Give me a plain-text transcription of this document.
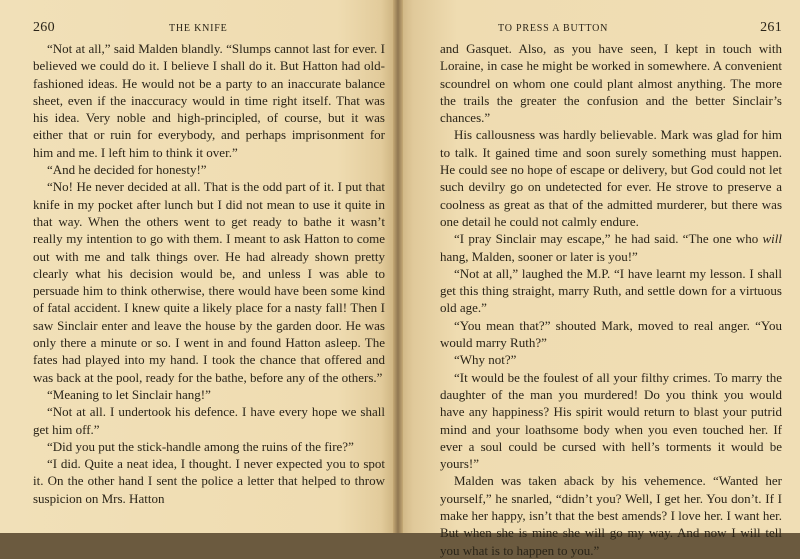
260	THE KNIFE

“Not at all,” said Malden blandly. “Slumps cannot last for ever. I believed we could do it. I believe I shall do it. But Hatton had old-fashioned ideas. He would not be a party to an inaccurate balance sheet, even if the inaccuracy would in time right itself. That was his idea. Very noble and high-principled, of course, but it was either that or ruin for everybody, and perhaps imprisonment for him and me. I left him to think it over.”

“And he decided for honesty!”

“No! He never decided at all. That is the odd part of it. I put that knife in my pocket after lunch but I did not mean to use it quite in that way. When the others went to get ready to bathe it wasn’t really my intention to go with them. I meant to ask Hatton to come out with me and talk things over. He had already shown pretty clearly what his decision would be, and unless I was able to persuade him to think otherwise, there would have been some kind of fatal accident. I knew quite a likely place for a nasty fall! Then I saw Sinclair enter and leave the house by the garden door. He was only there a minute or so. I went in and found Hatton asleep. The fates had played into my hand. I took the chance that offered and was back at the pool, ready for the bathe, before any of the others.”

“Meaning to let Sinclair hang!”

“Not at all. I undertook his defence. I have every hope we shall get him off.”

“Did you put the stick-handle among the ruins of the fire?”

“I did. Quite a neat idea, I thought. I never expected you to spot it. On the other hand I sent the police a letter that helped to throw suspicion on Mrs. Hatton

TO PRESS A BUTTON	261

and Gasquet. Also, as you have seen, I kept in touch with Loraine, in case he might be worked in somewhere. A convenient scoundrel on whom one could plant almost anything. The more the trails the greater the confusion and the better Sinclair’s chances.”

His callousness was hardly believable. Mark was glad for him to talk. It gained time and soon surely something must happen. He could see no hope of escape or delivery, but God could not let such devilry go on undetected for ever. He strove to preserve a coolness as great as that of the admitted murderer, but there was one detail he could not calmly endure.

“I pray Sinclair may escape,” he had said. “The one who will hang, Malden, sooner or later is you!”

“Not at all,” laughed the M.P. “I have learnt my lesson. I shall get this thing straight, marry Ruth, and settle down for a virtuous old age.”

“You mean that?” shouted Mark, moved to real anger. “You would marry Ruth?”

“Why not?”

“It would be the foulest of all your filthy crimes. To marry the daughter of the man you murdered! Do you think you would have any happiness? His spirit would return to blast your putrid mind and your loathsome body when you even touched her. If ever a soul could be cursed with hell’s torments it would be yours!”

Malden was taken aback by his vehemence. “Wanted her yourself,” he snarled, “didn’t you? Well, I get her. You don’t. If I make her happy, isn’t that the best amends? I love her. I want her. But when she is mine she will go my way. And now I will tell you what is to happen to you.”
